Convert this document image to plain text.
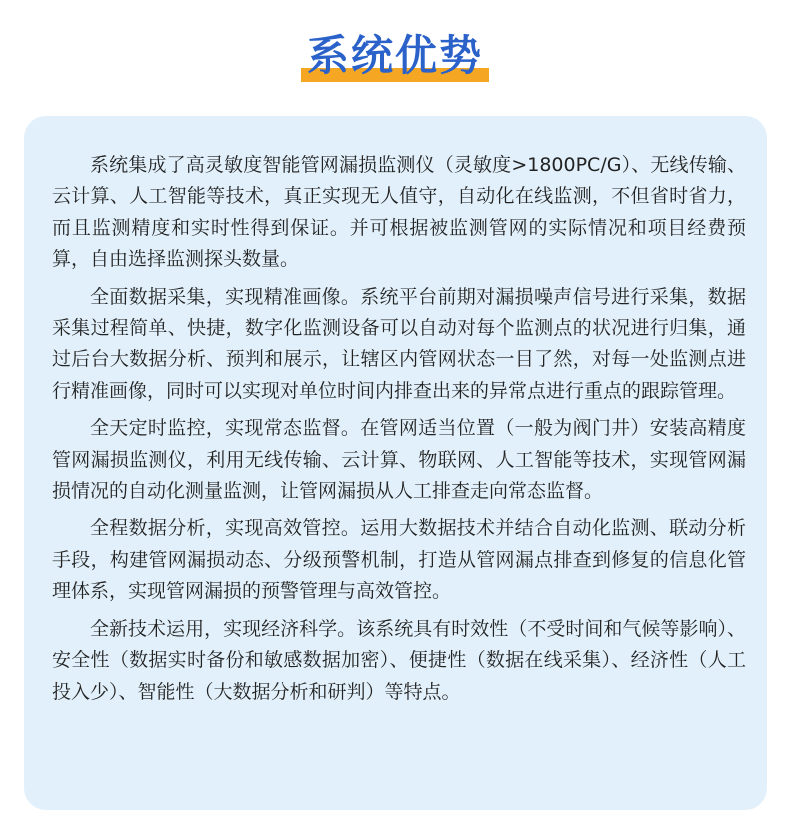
系统优势

系统集成了高灵敏度智能管网漏损监测仪（灵敏度>1800PC/G）、无线传输、云计算、人工智能等技术，真正实现无人值守，自动化在线监测，不但省时省力，而且监测精度和实时性得到保证。并可根据被监测管网的实际情况和项目经费预算，自由选择监测探头数量。

全面数据采集，实现精准画像。系统平台前期对漏损噪声信号进行采集，数据采集过程简单、快捷，数字化监测设备可以自动对每个监测点的状况进行归集，通过后台大数据分析、预判和展示，让辖区内管网状态一目了然，对每一处监测点进行精准画像，同时可以实现对单位时间内排查出来的异常点进行重点的跟踪管理。

全天定时监控，实现常态监督。在管网适当位置（一般为阀门井）安装高精度管网漏损监测仪，利用无线传输、云计算、物联网、人工智能等技术，实现管网漏损情况的自动化测量监测，让管网漏损从人工排查走向常态监督。

全程数据分析，实现高效管控。运用大数据技术并结合自动化监测、联动分析手段，构建管网漏损动态、分级预警机制，打造从管网漏点排查到修复的信息化管理体系，实现管网漏损的预警管理与高效管控。

全新技术运用，实现经济科学。该系统具有时效性（不受时间和气候等影响）、安全性（数据实时备份和敏感数据加密）、便捷性（数据在线采集）、经济性（人工投入少）、智能性（大数据分析和研判）等特点。
